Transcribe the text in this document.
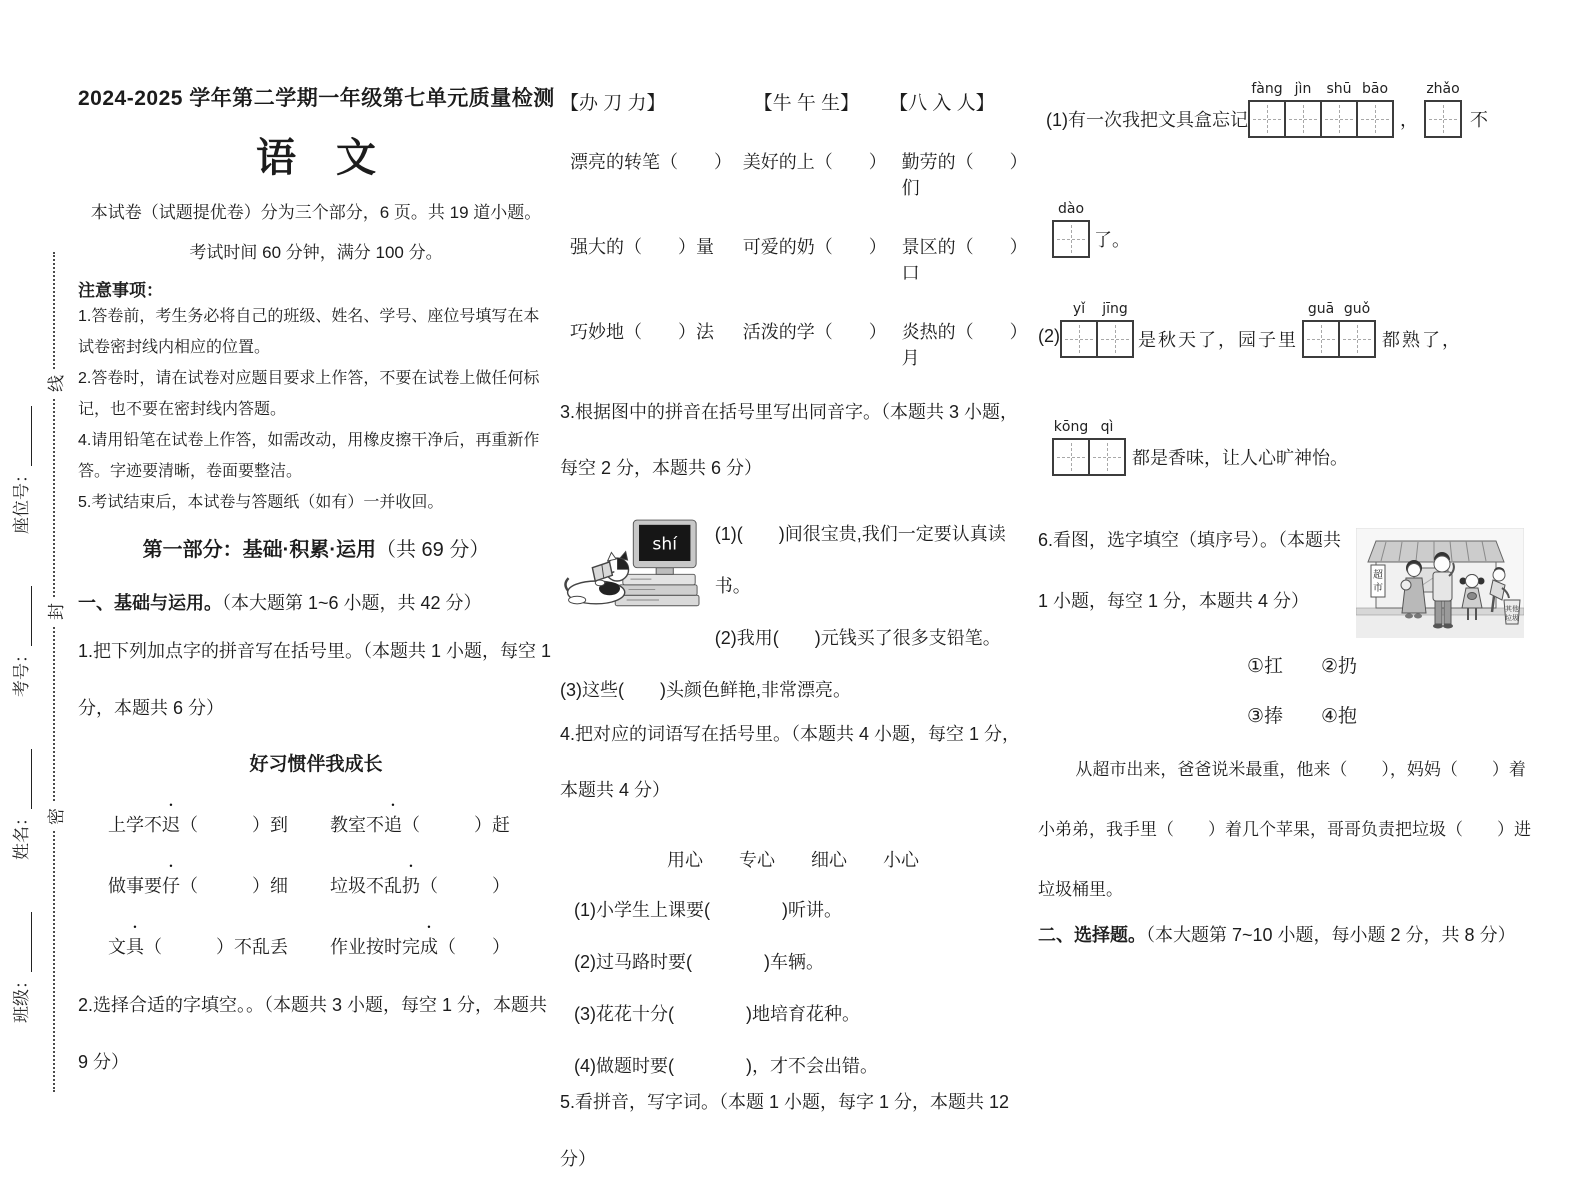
班级：
姓名：
考号：
座位号：
密
封
线
2024-2025 学年第二学期一年级第七单元质量检测
语　文
本试卷（试题提优卷）分为三个部分，6 页。共 19 道小题。
考试时间 60 分钟，满分 100 分。
注意事项：
1.答卷前，考生务必将自己的班级、姓名、学号、座位号填写在本试卷密封线内相应的位置。
2.答卷时，请在试卷对应题目要求上作答，不要在试卷上做任何标记，也不要在密封线内答题。
4.请用铅笔在试卷上作答，如需改动，用橡皮擦干净后，再重新作答。字迹要清晰，卷面要整洁。
5.考试结束后，本试卷与答题纸（如有）一并收回。
第一部分：基础·积累·运用（共 69 分）
一、基础与运用。（本大题第 1~6 小题，共 42 分）
1.把下列加点字的拼音写在括号里。（本题共 1 小题，每空 1 分，本题共 6 分）
好习惯伴我成长
上学不迟（　　　）到 教室不追（　　　）赶
做事要仔（　　　）细 垃圾不乱扔（　　　）
文具（　　　）不乱丢 作业按时完成（　　）
2.选择合适的字填空。。（本题共 3 小题，每空 1 分，本题共 9 分）
【办 刀 力】	【牛 午 生】 【八 入 人】
漂亮的转笔（　　） 美好的上（　　） 勤劳的（　　）们
强大的（　　）量	可爱的奶（　　） 景区的（　　）口
巧妙地（　　）法	活泼的学（　　） 炎热的（　　）月
3.根据图中的拼音在括号里写出同音字。（本题共 3 小题，每空 2 分，本题共 6 分）
shí
(1)(　　)间很宝贵,我们一定要认真读书。
(2)我用(　　)元钱买了很多支铅笔。
(3)这些(　　)头颜色鲜艳,非常漂亮。
4.把对应的词语写在括号里。（本题共 4 小题，每空 1 分，本题共 4 分）
用心 专心 细心 小心
(1)小学生上课要(　　　　)听讲。
(2)过马路时要(　　　　)车辆。
(3)花花十分(　　　　)地培育花种。
(4)做题时要(　　　　)，才不会出错。
5.看拼音，写字词。（本题 1 小题，每字 1 分，本题共 12 分）
(1)有一次我把文具盒忘记
fàng jìn shū bāo
，
zhǎo
不
dào
了。
(2)
yǐ jīng
是秋天了，园子里
guā guǒ
都熟了，
kōng qì
都是香味，让人心旷神怡。
6.看图，选字填空（填序号）。（本题共 1 小题，每空 1 分，本题共 4 分）
超
市
其他
垃圾
①扛　　②扔
③捧　　④抱
从超市出来，爸爸说米最重，他来（　　），妈妈（　　）着
小弟弟，我手里（　　）着几个苹果，哥哥负责把垃圾（　　）进
垃圾桶里。
二、选择题。（本大题第 7~10 小题，每小题 2 分，共 8 分）
